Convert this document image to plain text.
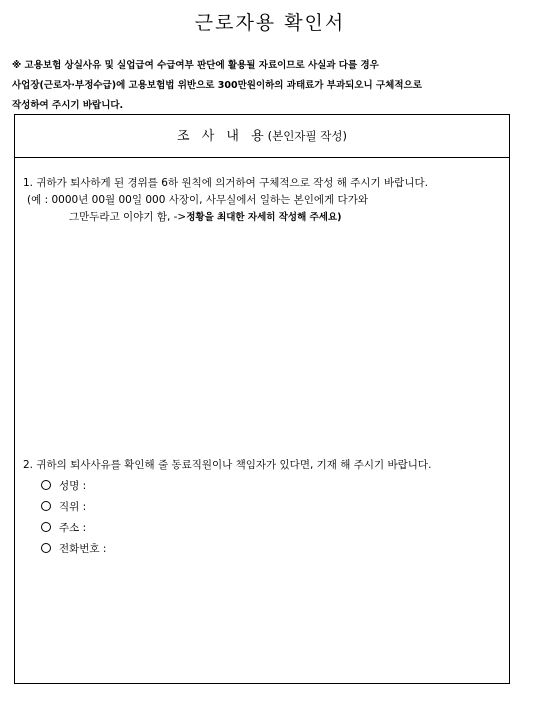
근로자용 확인서
※ 고용보험 상실사유 및 실업급여 수급여부 판단에 활용될 자료이므로 사실과 다를 경우
사업장(근로자·부정수급)에 고용보험법 위반으로 300만원이하의 과태료가 부과되오니 구체적으로
작성하여 주시기 바랍니다.
조 사 내 용(본인자필 작성)
1. 귀하가 퇴사하게 된 경위를 6하 원칙에 의거하여 구체적으로 작성 해 주시기 바랍니다.
(예 : 0000년 00월 00일 000 사장이, 사무실에서 일하는 본인에게 다가와
그만두라고 이야기 함, ->정황을 최대한 자세히 작성해 주세요)
2. 귀하의 퇴사사유를 확인해 줄 동료직원이나 책임자가 있다면, 기재 해 주시기 바랍니다.
성명 :
직위 :
주소 :
전화번호 :
